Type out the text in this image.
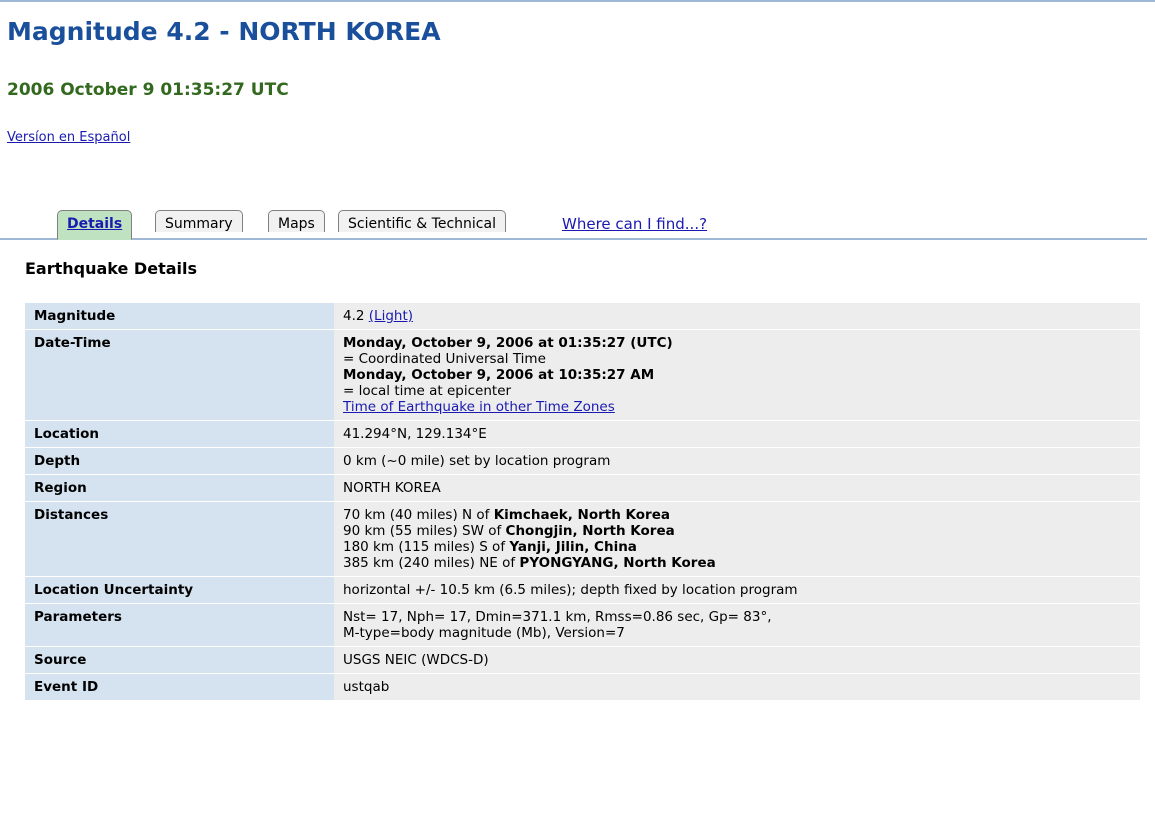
Magnitude 4.2 - NORTH KOREA
2006 October 9 01:35:27 UTC
Versíon en Español
Details	Summary	Maps	Scientific & Technical	Where can I find...?
Earthquake Details
Magnitude	4.2 (Light)
Date-Time	Monday, October 9, 2006 at 01:35:27 (UTC)
= Coordinated Universal Time
Monday, October 9, 2006 at 10:35:27 AM
= local time at epicenter
Time of Earthquake in other Time Zones

Location	41.294°N, 129.134°E
Depth	0 km (~0 mile) set by location program
Region	NORTH KOREA
Distances	70 km (40 miles) N of Kimchaek, North Korea
90 km (55 miles) SW of Chongjin, North Korea
180 km (115 miles) S of Yanji, Jilin, China
385 km (240 miles) NE of PYONGYANG, North Korea

Location Uncertainty	horizontal +/- 10.5 km (6.5 miles); depth fixed by location program
Parameters	Nst= 17, Nph= 17, Dmin=371.1 km, Rmss=0.86 sec, Gp= 83°,
M-type=body magnitude (Mb), Version=7

Source	USGS NEIC (WDCS-D)
Event ID	ustqab
